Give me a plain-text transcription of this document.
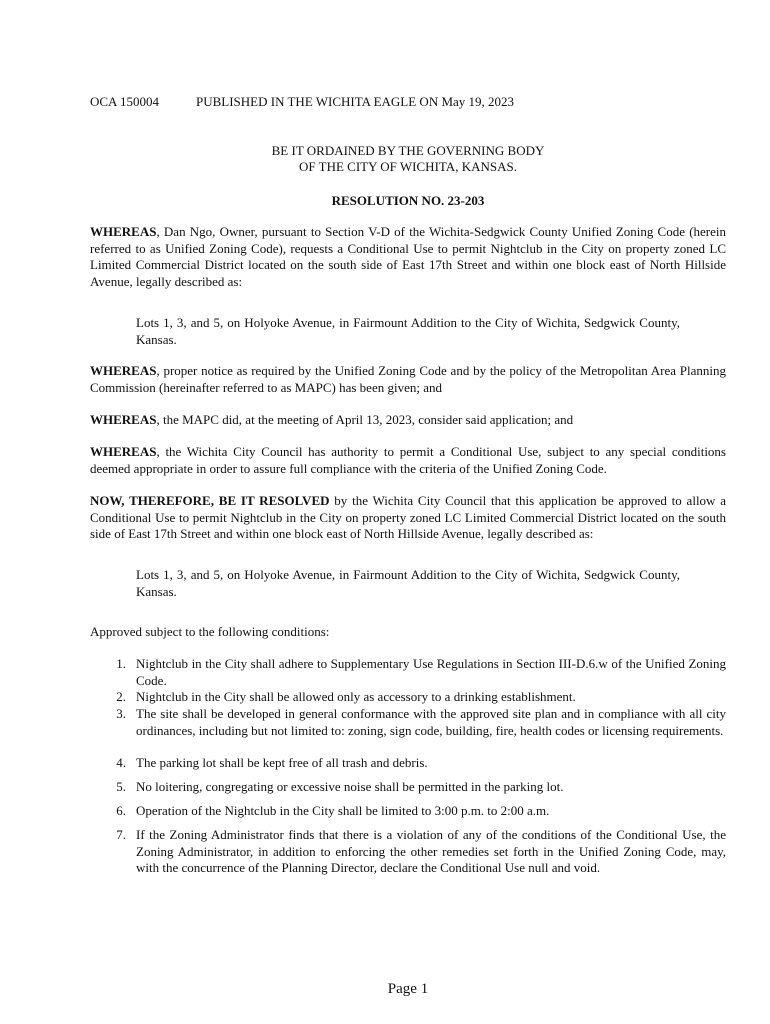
OCA 150004	PUBLISHED IN THE WICHITA EAGLE ON May 19, 2023
BE IT ORDAINED BY THE GOVERNING BODY
OF THE CITY OF WICHITA, KANSAS.
RESOLUTION NO. 23-203
WHEREAS, Dan Ngo, Owner, pursuant to Section V-D of the Wichita-Sedgwick County Unified Zoning Code (herein referred to as Unified Zoning Code), requests a Conditional Use to permit Nightclub in the City on property zoned LC Limited Commercial District located on the south side of East 17th Street and within one block east of North Hillside Avenue, legally described as:
Lots 1, 3, and 5, on Holyoke Avenue, in Fairmount Addition to the City of Wichita, Sedgwick County, Kansas.
WHEREAS, proper notice as required by the Unified Zoning Code and by the policy of the Metropolitan Area Planning Commission (hereinafter referred to as MAPC) has been given; and
WHEREAS, the MAPC did, at the meeting of April 13, 2023, consider said application; and
WHEREAS, the Wichita City Council has authority to permit a Conditional Use, subject to any special conditions deemed appropriate in order to assure full compliance with the criteria of the Unified Zoning Code.
NOW, THEREFORE, BE IT RESOLVED by the Wichita City Council that this application be approved to allow a Conditional Use to permit Nightclub in the City on property zoned LC Limited Commercial District located on the south side of East 17th Street and within one block east of North Hillside Avenue, legally described as:
Lots 1, 3, and 5, on Holyoke Avenue, in Fairmount Addition to the City of Wichita, Sedgwick County, Kansas.
Approved subject to the following conditions:
1. Nightclub in the City shall adhere to Supplementary Use Regulations in Section III-D.6.w of the Unified Zoning Code.
2. Nightclub in the City shall be allowed only as accessory to a drinking establishment.
3. The site shall be developed in general conformance with the approved site plan and in compliance with all city ordinances, including but not limited to: zoning, sign code, building, fire, health codes or licensing requirements.
4. The parking lot shall be kept free of all trash and debris.
5. No loitering, congregating or excessive noise shall be permitted in the parking lot.
6. Operation of the Nightclub in the City shall be limited to 3:00 p.m. to 2:00 a.m.
7. If the Zoning Administrator finds that there is a violation of any of the conditions of the Conditional Use, the Zoning Administrator, in addition to enforcing the other remedies set forth in the Unified Zoning Code, may, with the concurrence of the Planning Director, declare the Conditional Use null and void.
Page 1
